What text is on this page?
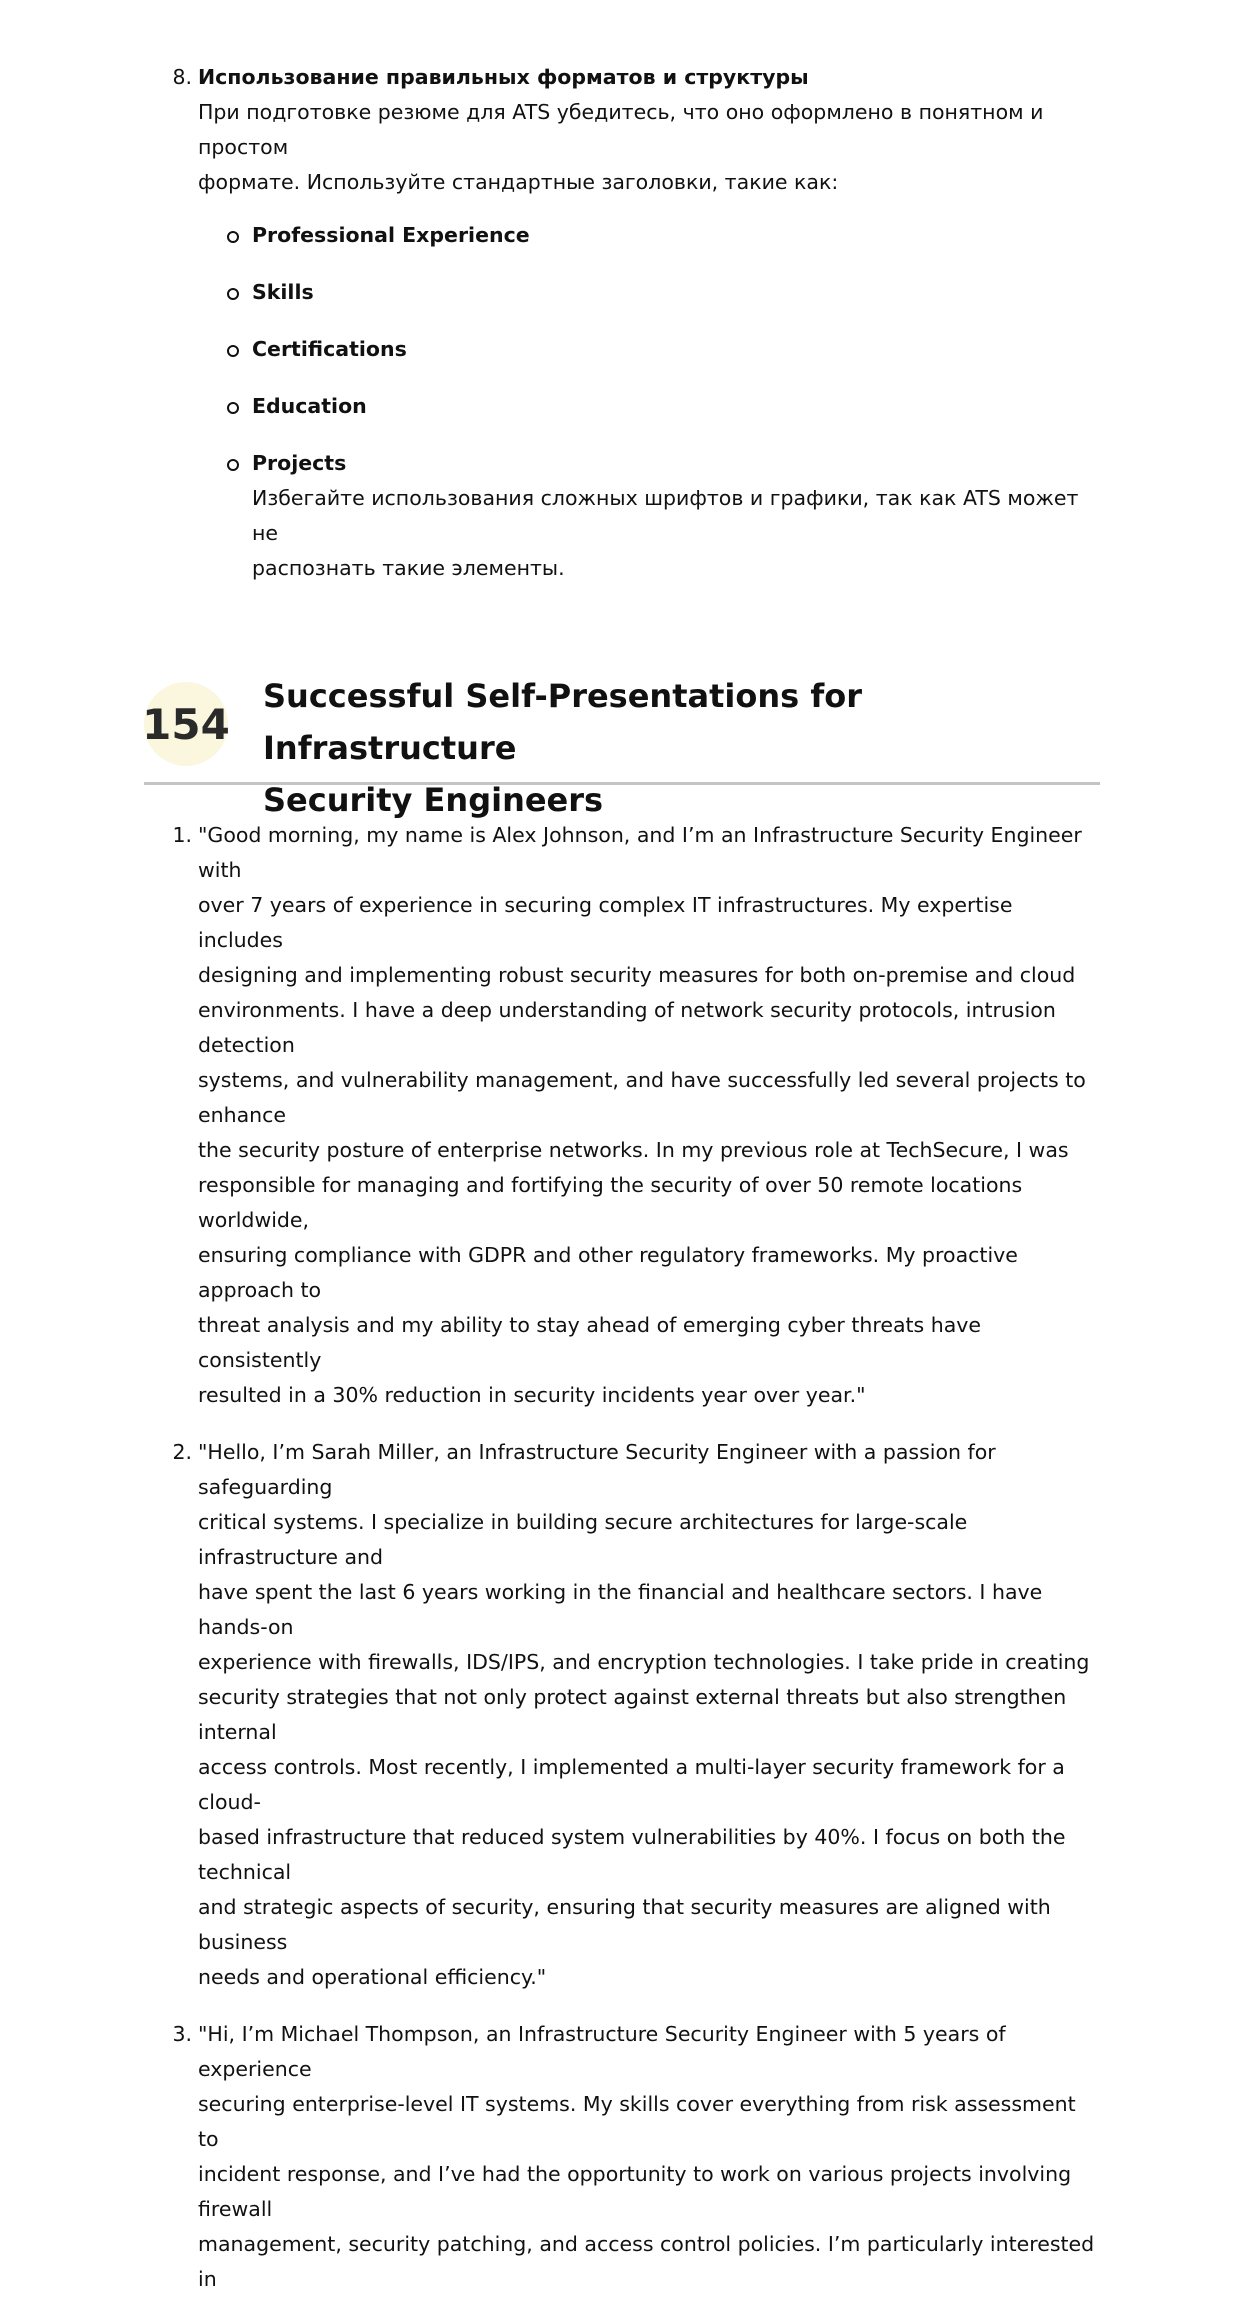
8. Использование правильных форматов и структуры
При подготовке резюме для ATS убедитесь, что оно оформлено в понятном и простом
формате. Используйте стандартные заголовки, такие как:
Professional Experience
Skills
Certifications
Education
Projects
Избегайте использования сложных шрифтов и графики, так как ATS может не
распознать такие элементы.
154
Successful Self-Presentations for Infrastructure
Security Engineers
1. "Good morning, my name is Alex Johnson, and I’m an Infrastructure Security Engineer with
over 7 years of experience in securing complex IT infrastructures. My expertise includes
designing and implementing robust security measures for both on-premise and cloud
environments. I have a deep understanding of network security protocols, intrusion detection
systems, and vulnerability management, and have successfully led several projects to enhance
the security posture of enterprise networks. In my previous role at TechSecure, I was
responsible for managing and fortifying the security of over 50 remote locations worldwide,
ensuring compliance with GDPR and other regulatory frameworks. My proactive approach to
threat analysis and my ability to stay ahead of emerging cyber threats have consistently
resulted in a 30% reduction in security incidents year over year."
2. "Hello, I’m Sarah Miller, an Infrastructure Security Engineer with a passion for safeguarding
critical systems. I specialize in building secure architectures for large-scale infrastructure and
have spent the last 6 years working in the financial and healthcare sectors. I have hands-on
experience with firewalls, IDS/IPS, and encryption technologies. I take pride in creating
security strategies that not only protect against external threats but also strengthen internal
access controls. Most recently, I implemented a multi-layer security framework for a cloud-
based infrastructure that reduced system vulnerabilities by 40%. I focus on both the technical
and strategic aspects of security, ensuring that security measures are aligned with business
needs and operational efficiency."
3. "Hi, I’m Michael Thompson, an Infrastructure Security Engineer with 5 years of experience
securing enterprise-level IT systems. My skills cover everything from risk assessment to
incident response, and I’ve had the opportunity to work on various projects involving firewall
management, security patching, and access control policies. I’m particularly interested in
